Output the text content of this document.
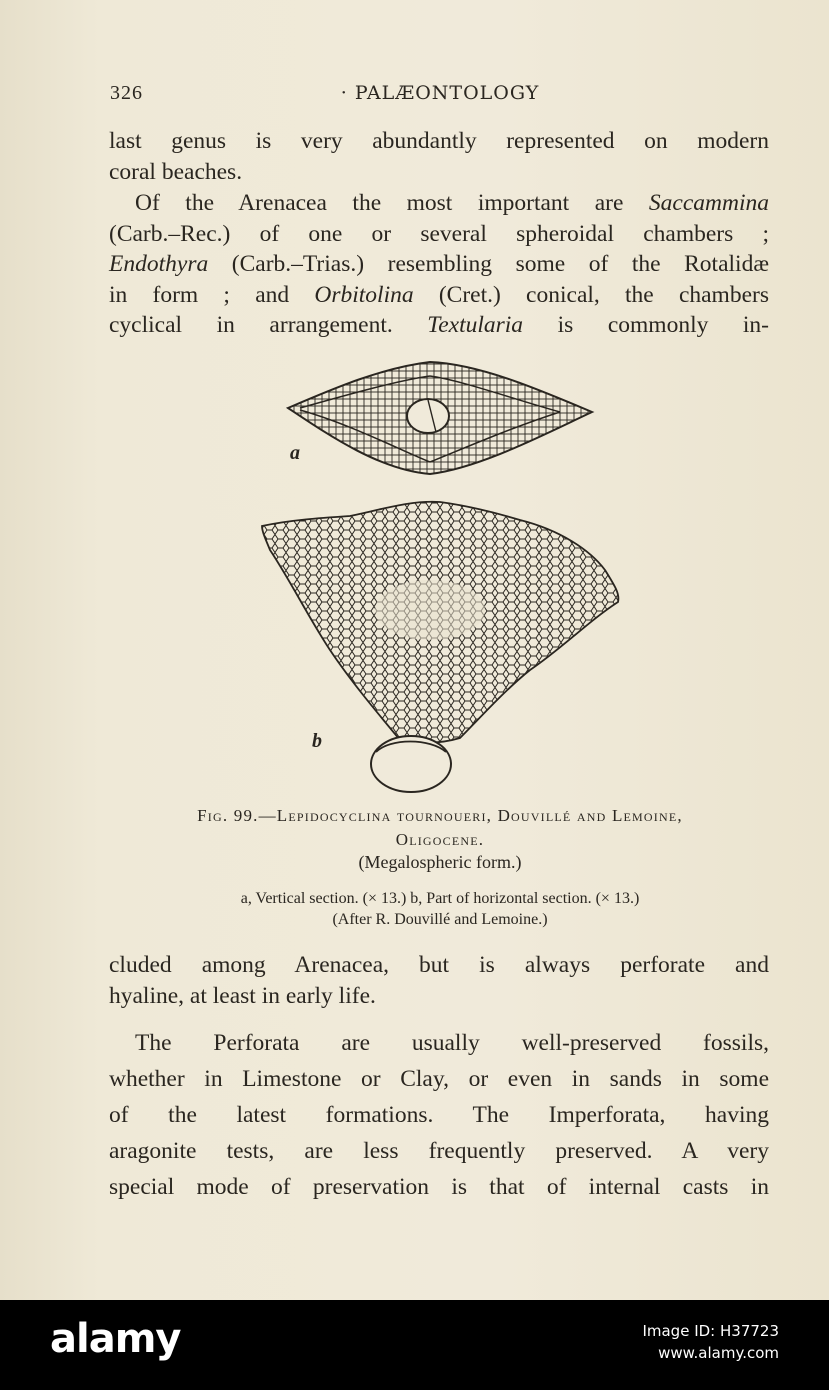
326	· PALÆONTOLOGY

last genus is very abundantly represented on modern
coral beaches.

Of the Arenacea the most important are Saccammina
(Carb.–Rec.) of one or several spheroidal chambers ;
Endothyra (Carb.–Trias.) resembling some of the Rotalidæ
in form ; and Orbitolina (Cret.) conical, the chambers
cyclical in arrangement. Textularia is commonly in-

a
b
Fig. 99.—Lepidocyclina tournoueri, Douvillé and Lemoine,
Oligocene.
(Megalospheric form.)
a, Vertical section. (× 13.) b, Part of horizontal section. (× 13.)
(After R. Douvillé and Lemoine.)

cluded among Arenacea, but is always perforate and
hyaline, at least in early life.

The Perforata are usually well-preserved fossils,
whether in Limestone or Clay, or even in sands in some
of the latest formations. The Imperforata, having
aragonite tests, are less frequently preserved. A very
special mode of preservation is that of internal casts in

alamy	Image ID: H37723
www.alamy.com
